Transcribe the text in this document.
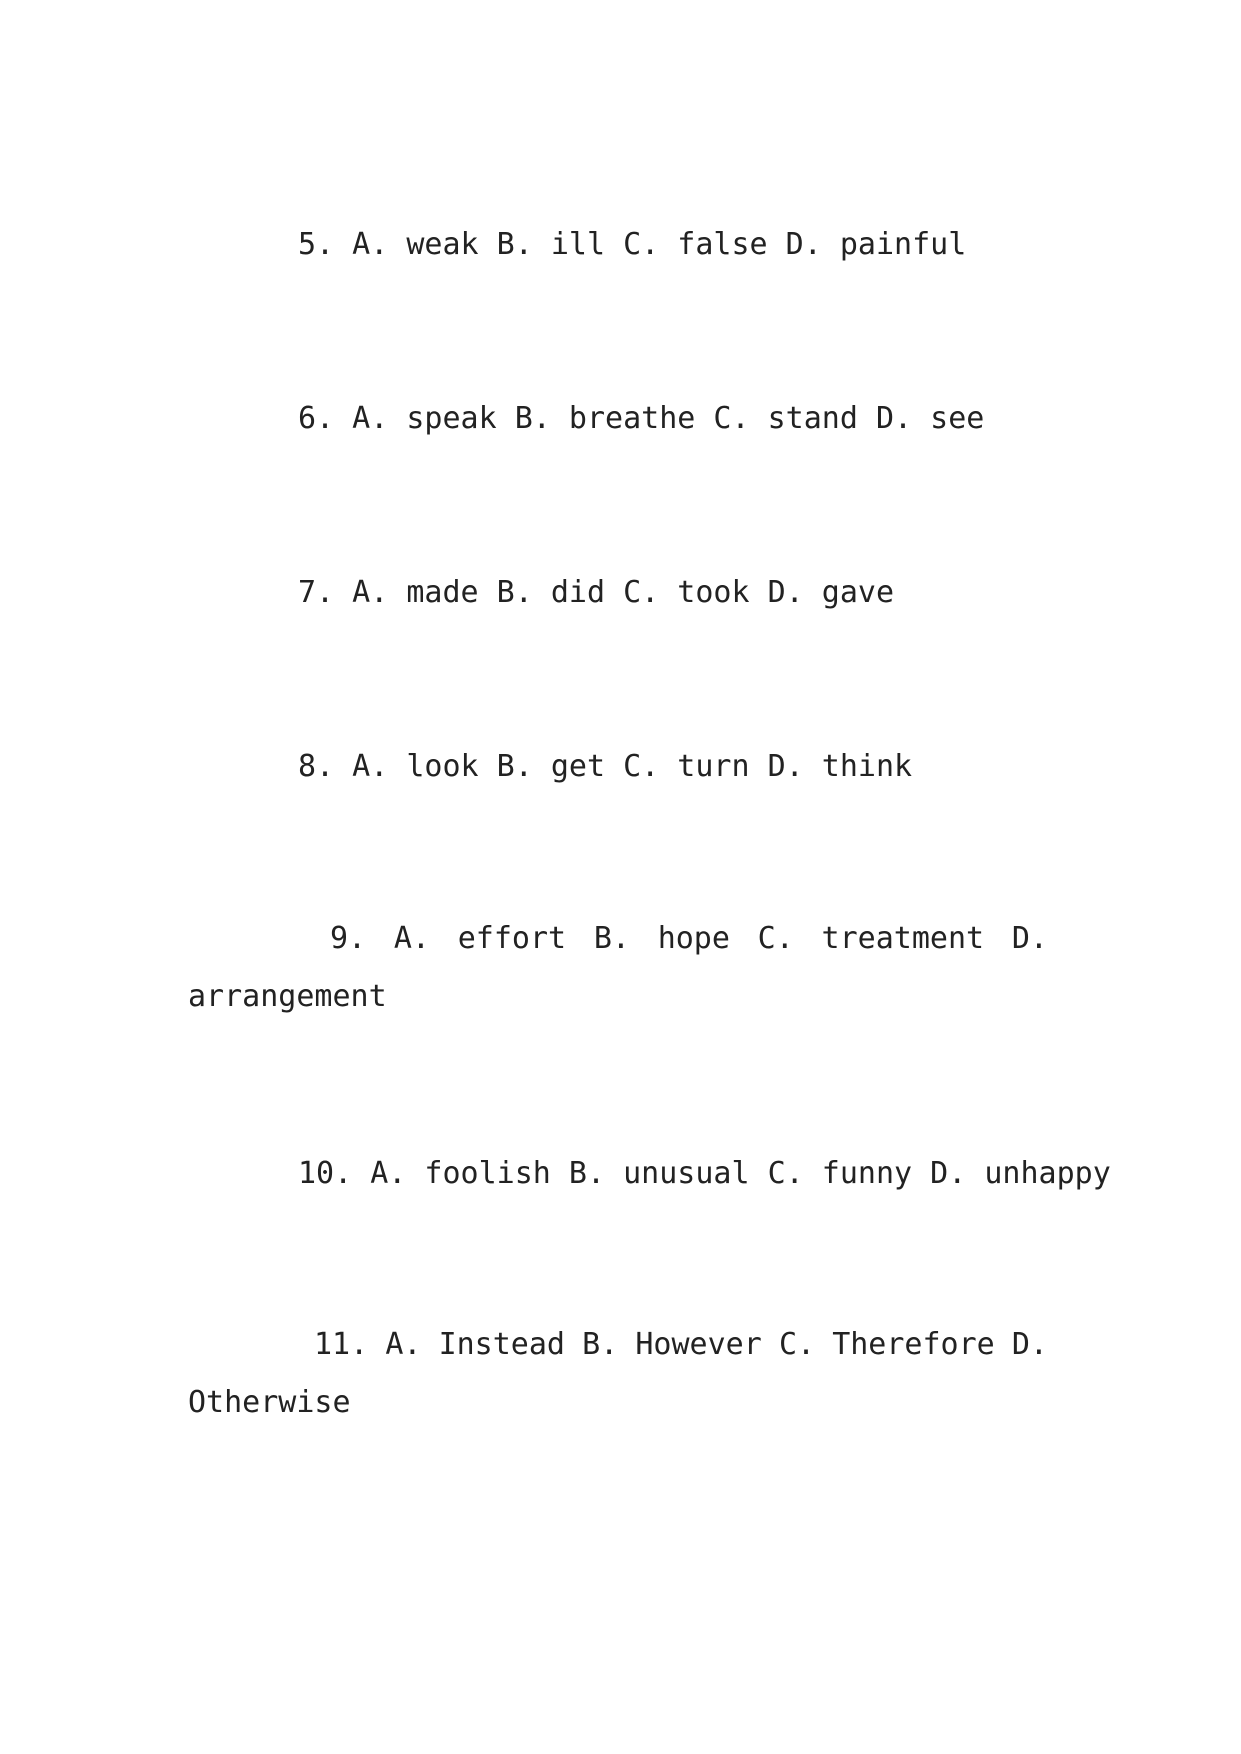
5. A. weak B. ill C. false D. painful
6. A. speak B. breathe C. stand D. see
7. A. made B. did C. took D. gave
8. A. look B. get C. turn D. think
9. A. effort B. hope C. treatment D.
arrangement
10. A. foolish B. unusual C. funny D. unhappy
11. A. Instead B. However C. Therefore D.
Otherwise
